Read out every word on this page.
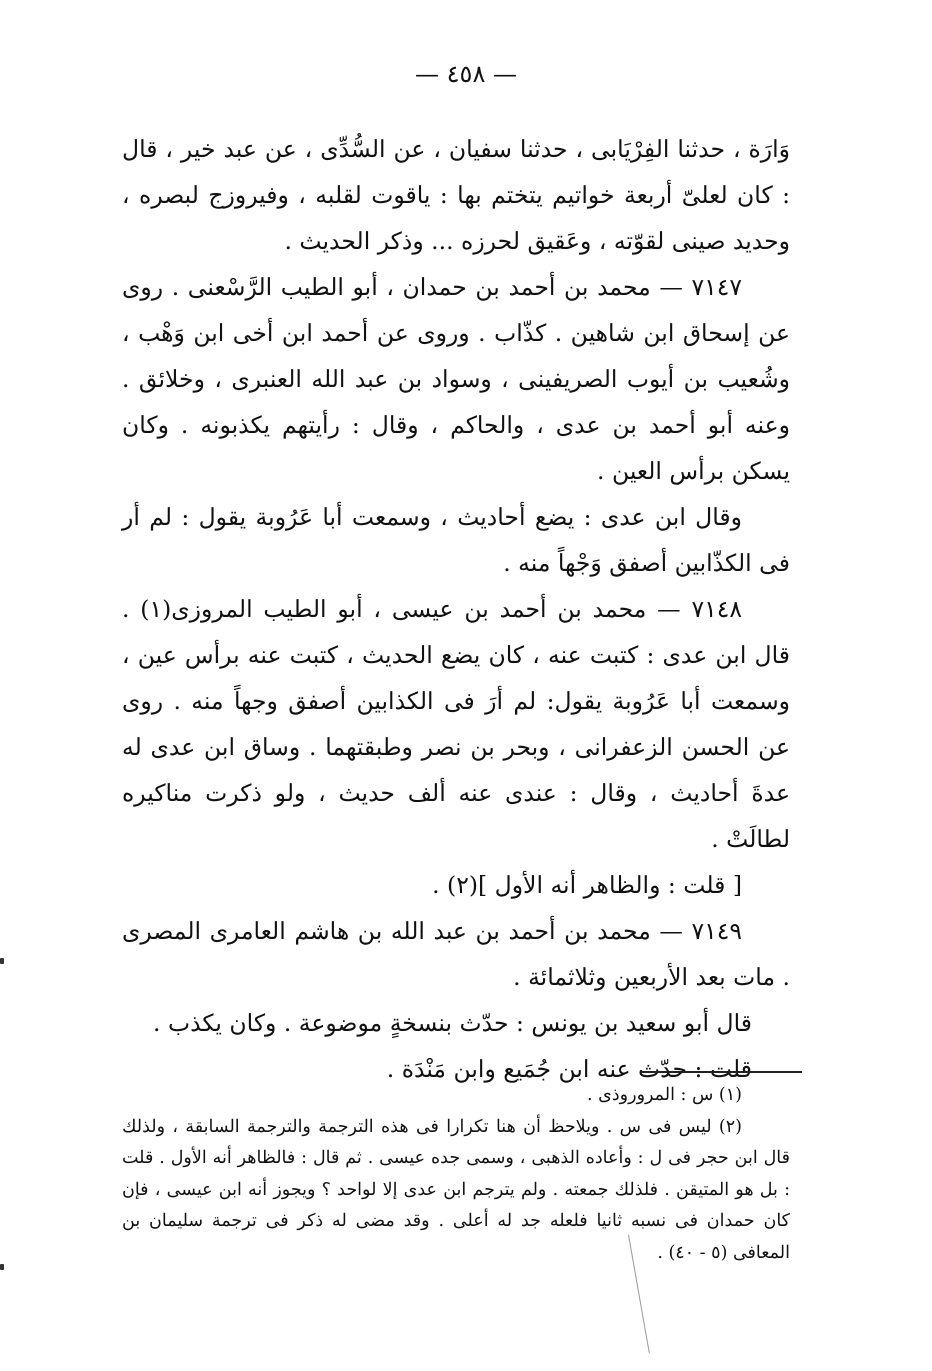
— ٤٥٨ —

وَارَة ، حدثنا الفِرْيَابى ، حدثنا سفيان ، عن السُّدِّى ، عن عبد خير ، قال : كان لعلىّ أربعة خواتيم يتختم بها : ياقوت لقلبه ، وفيروزج لبصره ، وحديد صينى لقوّته ، وعَقيق لحرزه ... وذكر الحديث .

٧١٤٧ — محمد بن أحمد بن حمدان ، أبو الطيب الرَّسْعنى . روى عن إسحاق ابن شاهين . كذّاب . وروى عن أحمد ابن أخى ابن وَهْب ، وشُعيب بن أيوب الصريفينى ، وسواد بن عبد الله العنبرى ، وخلائق . وعنه أبو أحمد بن عدى ، والحاكم ، وقال : رأيتهم يكذبونه . وكان يسكن برأس العين .

وقال ابن عدى : يضع أحاديث ، وسمعت أبا عَرُوبة يقول : لم أر فى الكذّابين أصفق وَجْهاً منه .

٧١٤٨ — محمد بن أحمد بن عيسى ، أبو الطيب المروزى(١) . قال ابن عدى : كتبت عنه ، كان يضع الحديث ، كتبت عنه برأس عين ، وسمعت أبا عَرُوبة يقول: لم أرَ فى الكذابين أصفق وجهاً منه . روى عن الحسن الزعفرانى ، وبحر بن نصر وطبقتهما . وساق ابن عدى له عدةَ أحاديث ، وقال : عندى عنه ألف حديث ، ولو ذكرت مناكيره لطالَتْ .

[ قلت : والظاهر أنه الأول ](٢) .

٧١٤٩ — محمد بن أحمد بن عبد الله بن هاشم العامرى المصرى . مات بعد الأربعين وثلاثمائة .

قال أبو سعيد بن يونس : حدّث بنسخةٍ موضوعة . وكان يكذب .

قلت : حدّث عنه ابن جُمَيع وابن مَنْدَة .

(١) س : المروروذى .

(٢) ليس فى س . ويلاحظ أن هنا تكرارا فى هذه الترجمة والترجمة السابقة ، ولذلك قال ابن حجر فى ل : وأعاده الذهبى ، وسمى جده عيسى . ثم قال : فالظاهر أنه الأول . قلت : بل هو المتيقن . فلذلك جمعته . ولم يترجم ابن عدى إلا لواحد ؟ ويجوز أنه ابن عيسى ، فإن كان حمدان فى نسبه ثانيا فلعله جد له أعلى . وقد مضى له ذكر فى ترجمة سليمان بن المعافى (٥ - ٤٠) .
